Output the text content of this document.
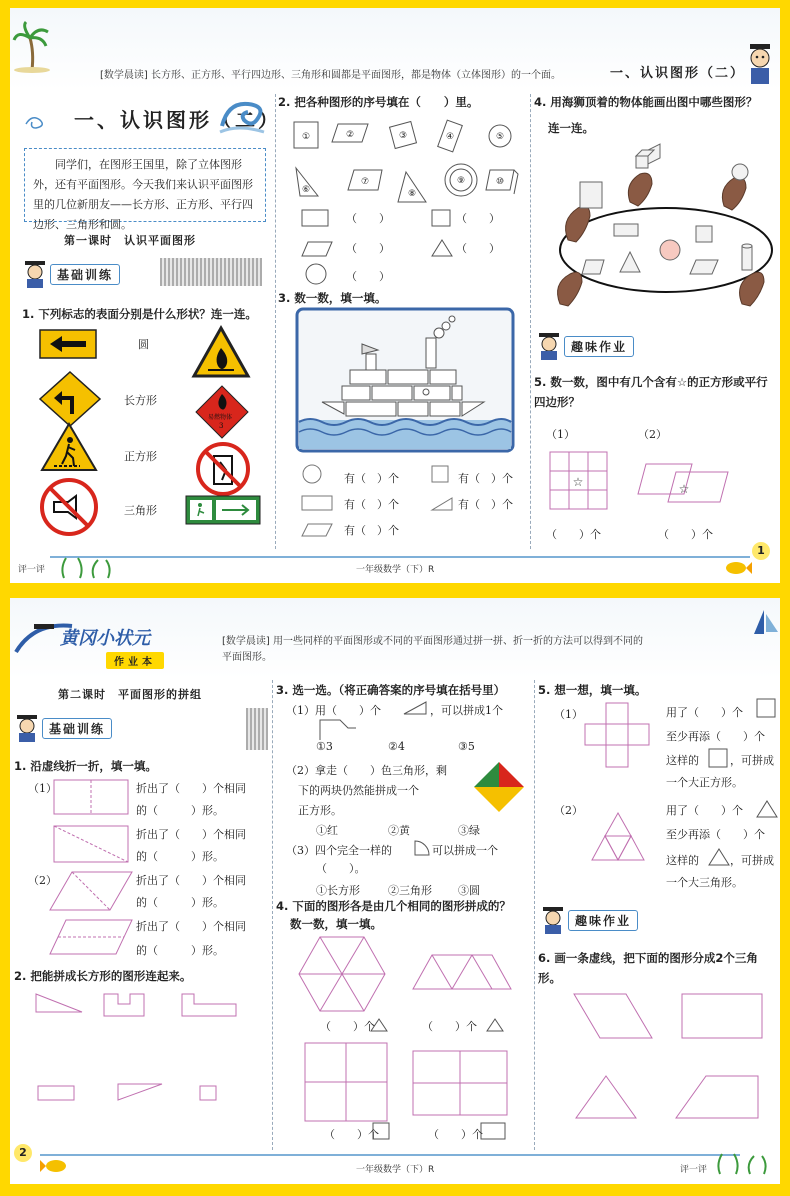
[数学晨读] 长方形、正方形、平行四边形、三角形和圆都是平面图形，都是物体（立体图形）的一个面。	一、认识图形（二）
一、认识图形（二）
同学们，在图形王国里，除了立体图形外，还有平面图形。今天我们来认识平面图形里的几位新朋友——长方形、正方形、平行四边形、三角形和圆。
第一课时　认识平面图形
基础训练
1. 下列标志的表面分别是什么形状？连一连。
圆
长方形
正方形
三角形
易燃物体
3
2. 把各种图形的序号填在（　　）里。
①	②	③	④	⑤
⑥
⑦
⑧
⑨	⑩
（　　）	（　　）
（　　）	（　　）
（　　）
3. 数一数，填一填。
有（　）个	有（　）个
有（　）个	有（　）个
有（　）个
4. 用海狮顶着的物体能画出图中哪些图形？
连一连。
趣味作业
5. 数一数，图中有几个含有☆的正方形或平行四边形？
（1）	（2）
☆	☆
（　　）个	（　　）个
评一评	一年级数学（下）R
1
黄冈小状元
作业本
[数学晨读] 用一些同样的平面图形或不同的平面图形通过拼一拼、折一折的方法可以得到不同的
平面图形。
第二课时　平面图形的拼组
基础训练
1. 沿虚线折一折，填一填。
（1）	折出了（　　）个相同
的（　　　）形。
折出了（　　）个相同
的（　　　）形。
（2）	折出了（　　）个相同
的（　　　）形。
折出了（　　）个相同
的（　　　）形。
2. 把能拼成长方形的图形连起来。
3. 选一选。（将正确答案的序号填在括号里）
（1）用（　　）个	，可以拼成1个
①3	②4	③5
（2）拿走（　　）色三角形，剩
下的两块仍然能拼成一个
正方形。
①红	②黄	③绿
（3）四个完全一样的	可以拼成一个
（　　）。
①长方形	②三角形 ③圆
4. 下面的图形各是由几个相同的图形拼成的？
数一数，填一填。
（　　）个	（　　）个
（　　）个	（　　）个
5. 想一想，填一填。
（1）	用了（　　）个
至少再添（　　）个
这样的	，可拼成
一个大正方形。
（2）	用了（　　）个
至少再添（　　）个
这样的	，可拼成
一个大三角形。
趣味作业
6. 画一条虚线，把下面的图形分成2个三角形。
2
一年级数学（下）R	评一评
